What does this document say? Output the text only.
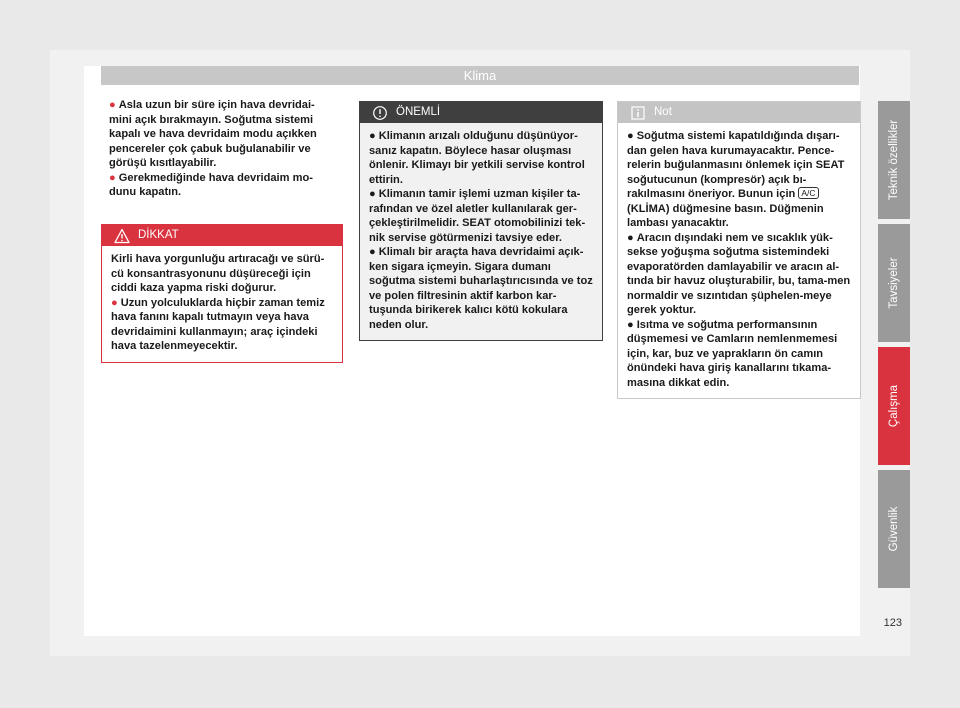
Klima

● Asla uzun bir süre için hava devridai-mini açık bırakmayın. Soğutma sistemi kapalı ve hava devridaim modu açıkken pencereler çok çabuk buğulanabilir ve görüşü kısıtlayabilir.

● Gerekmediğinde hava devridaim mo-dunu kapatın.

DİKKAT

Kirli hava yorgunluğu artıracağı ve sürü-cü konsantrasyonunu düşüreceği için ciddi kaza yapma riski doğurur.

● Uzun yolculuklarda hiçbir zaman temiz hava fanını kapalı tutmayın veya hava devridaimini kullanmayın; araç içindeki hava tazelenmeyecektir.

ÖNEMLİ

● Klimanın arızalı olduğunu düşünüyor-sanız kapatın. Böylece hasar oluşması önlenir. Klimayı bir yetkili servise kontrol ettirin.

● Klimanın tamir işlemi uzman kişiler ta-rafından ve özel aletler kullanılarak ger-çekleştirilmelidir. SEAT otomobilinizi tek-nik servise götürmenizi tavsiye eder.

● Klimalı bir araçta hava devridaimi açık-ken sigara içmeyin. Sigara dumanı soğutma sistemi buharlaştırıcısında ve toz ve polen filtresinin aktif karbon kar-tuşunda birikerek kalıcı kötü kokulara neden olur.

Not

● Soğutma sistemi kapatıldığında dışarı-dan gelen hava kurumayacaktır. Pence-relerin buğulanmasını önlemek için SEAT soğutucunun (kompresör) açık bı-rakılmasını öneriyor. Bunun için A/C (KLİMA) düğmesine basın. Düğmenin lambası yanacaktır.

● Aracın dışındaki nem ve sıcaklık yük-sekse yoğuşma soğutma sistemindeki evaporatörden damlayabilir ve aracın al-tında bir havuz oluşturabilir, bu, tama-men normaldir ve sızıntıdan şüphelen-meye gerek yoktur.

● Isıtma ve soğutma performansının düşmemesi ve Camların nemlenmemesi için, kar, buz ve yaprakların ön camın önündeki hava giriş kanallarını tıkama-masına dikkat edin.

Teknik özellikler
Tavsiyeler
Çalışma
Güvenlik
123
